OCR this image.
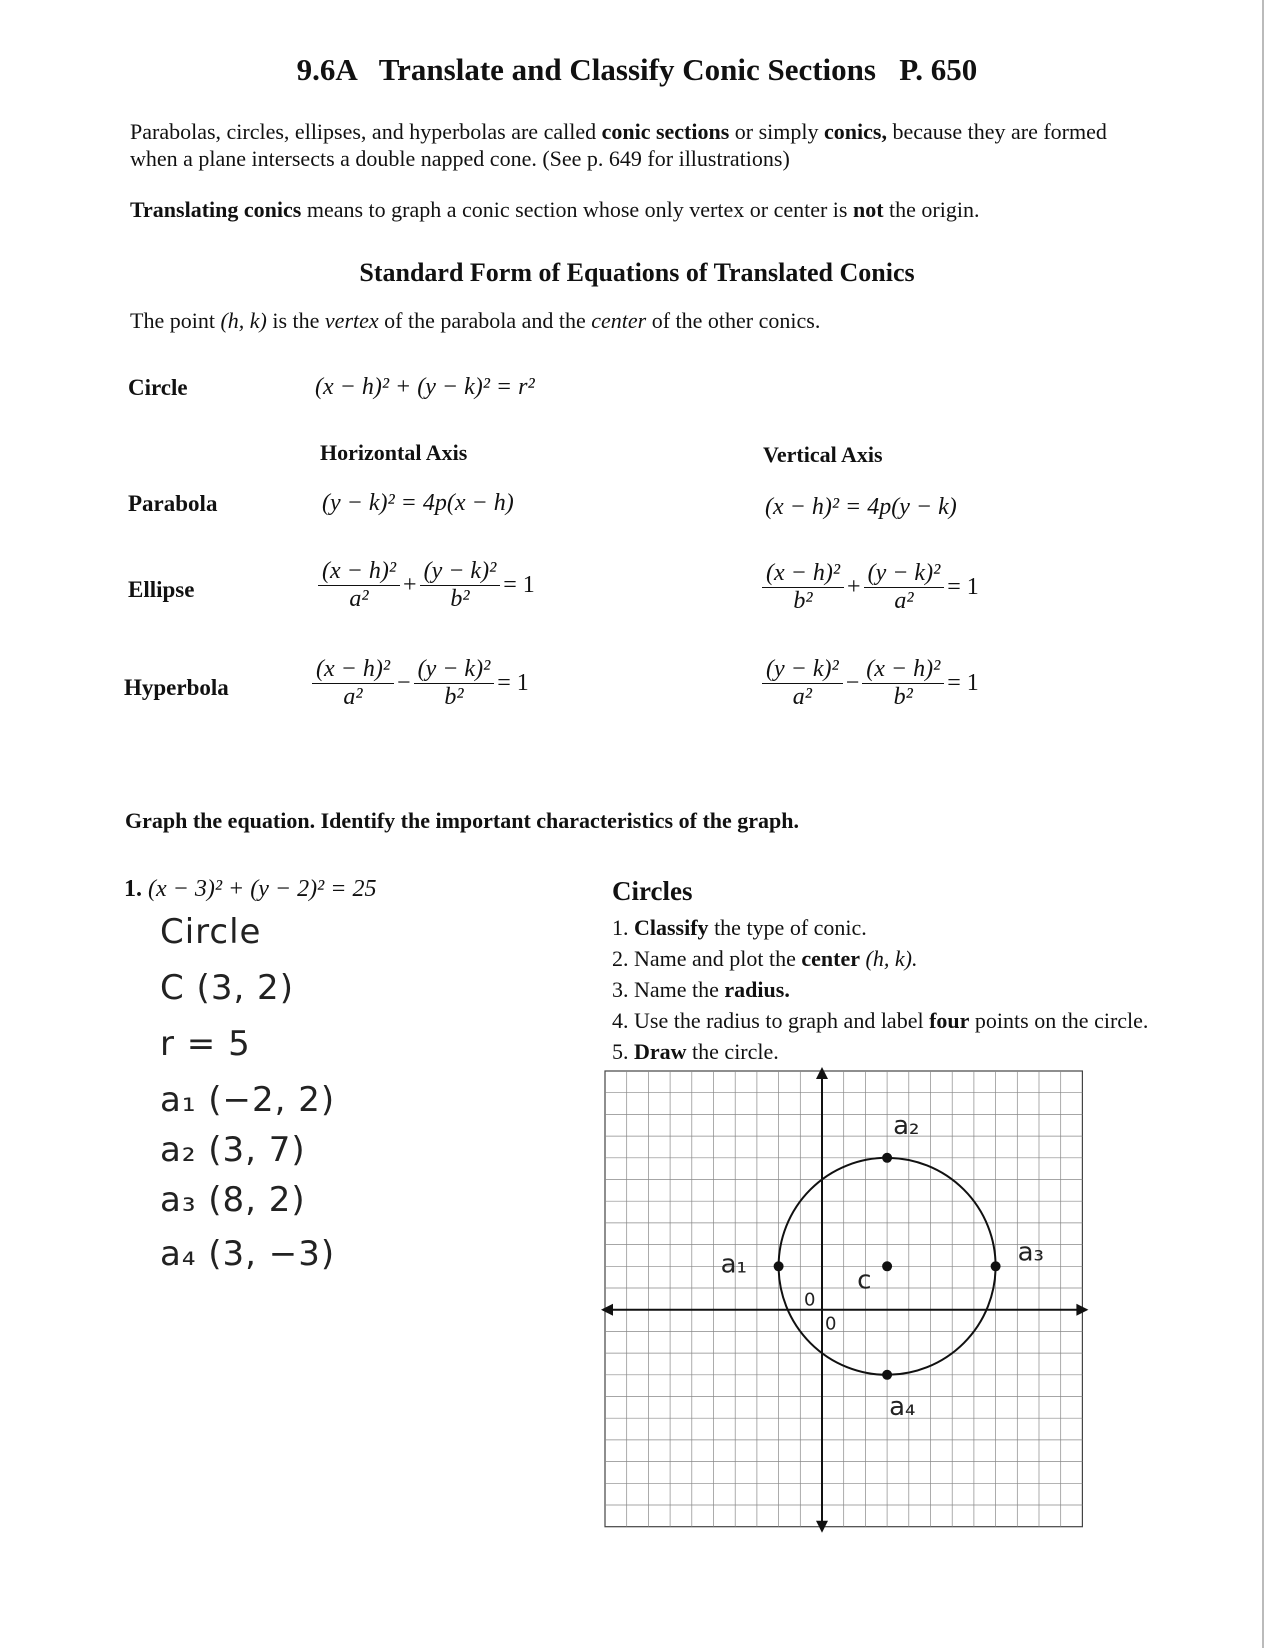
9.6A   Translate and Classify Conic Sections   P. 650
Parabolas, circles, ellipses, and hyperbolas are called conic sections or simply conics, because they are formed when a plane intersects a double napped cone. (See p. 649 for illustrations)
Translating conics means to graph a conic section whose only vertex or center is not the origin.
Standard Form of Equations of Translated Conics
The point (h, k) is the vertex of the parabola and the center of the other conics.
Circle	(x − h)² + (y − k)² = r²
Horizontal Axis	Vertical Axis
Parabola	(y − k)² = 4p(x − h)	(x − h)² = 4p(y − k)
Ellipse	$\frac{\text{(x − h)²}}{\text{a²}} + \frac{\text{(y − k)²}}{\text{b²}} = 1$	$\frac{\text{(x − h)²}}{\text{b²}} + \frac{\text{(y − k)²}}{\text{a²}} = 1$
Hyperbola	$\frac{\text{(x − h)²}}{\text{a²}} - \frac{\text{(y − k)²}}{\text{b²}} = 1$	$\frac{\text{(y − k)²}}{\text{a²}} - \frac{\text{(x − h)²}}{\text{b²}} = 1$
Graph the equation. Identify the important characteristics of the graph.
1. (x − 3)² + (y − 2)² = 25
Circle
C (3, 2)
r = 5
a₁ (−2, 2)
a₂ (3, 7)
a₃ (8, 2)
a₄ (3, −3)
Circles
1. Classify the type of conic.
2. Name and plot the center (h, k).
3. Name the radius.
4. Use the radius to graph and label four points on the circle.
5. Draw the circle.
0
0
c
a₁
a₂
a₃
a₄
